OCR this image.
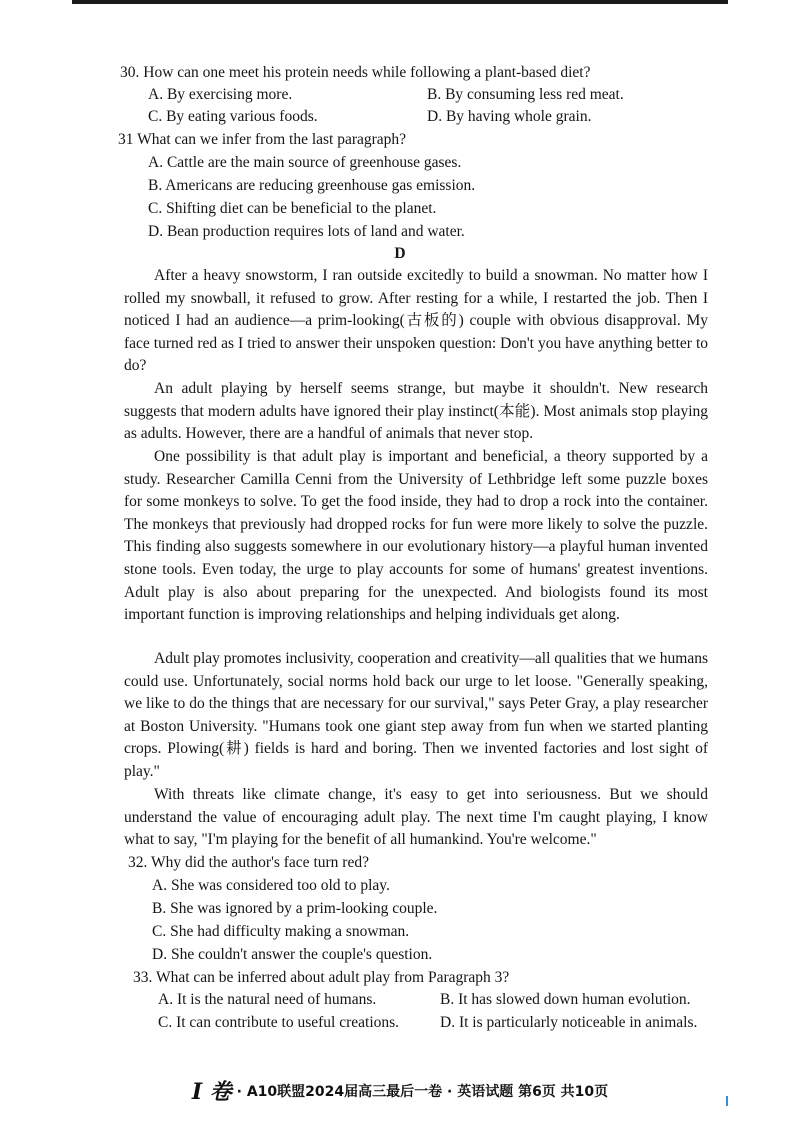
30. How can one meet his protein needs while following a plant-based diet?
A. By exercising more.	B. By consuming less red meat.
C. By eating various foods.	D. By having whole grain.
31 What can we infer from the last paragraph?
A. Cattle are the main source of greenhouse gases.
B. Americans are reducing greenhouse gas emission.
C. Shifting diet can be beneficial to the planet.
D. Bean production requires lots of land and water.
D

After a heavy snowstorm, I ran outside excitedly to build a snowman. No matter how I rolled my snowball, it refused to grow. After resting for a while, I restarted the job. Then I noticed I had an audience—a prim-looking(古板的) couple with obvious disapproval. My face turned red as I tried to answer their unspoken question: Don't you have anything better to do?

An adult playing by herself seems strange, but maybe it shouldn't. New research suggests that modern adults have ignored their play instinct(本能). Most animals stop playing as adults. However, there are a handful of animals that never stop.

One possibility is that adult play is important and beneficial, a theory supported by a study. Researcher Camilla Cenni from the University of Lethbridge left some puzzle boxes for some monkeys to solve. To get the food inside, they had to drop a rock into the container. The monkeys that previously had dropped rocks for fun were more likely to solve the puzzle. This finding also suggests somewhere in our evolutionary history—a playful human invented stone tools. Even today, the urge to play accounts for some of humans' greatest inventions. Adult play is also about preparing for the unexpected. And biologists found its most important function is improving relationships and helping individuals get along.

Adult play promotes inclusivity, cooperation and creativity—all qualities that we humans could use. Unfortunately, social norms hold back our urge to let loose. "Generally speaking, we like to do the things that are necessary for our survival," says Peter Gray, a play researcher at Boston University. "Humans took one giant step away from fun when we started planting crops. Plowing(耕) fields is hard and boring. Then we invented factories and lost sight of play."

With threats like climate change, it's easy to get into seriousness. But we should understand the value of encouraging adult play. The next time I'm caught playing, I know what to say, "I'm playing for the benefit of all humankind. You're welcome."

32. Why did the author's face turn red?
A. She was considered too old to play.
B. She was ignored by a prim-looking couple.
C. She had difficulty making a snowman.
D. She couldn't answer the couple's question.
33. What can be inferred about adult play from Paragraph 3?
A. It is the natural need of humans.	B. It has slowed down human evolution.
C. It can contribute to useful creations.	D. It is particularly noticeable in animals.
I 卷 · A10联盟2024届高三最后一卷 · 英语试题 第6页 共10页
